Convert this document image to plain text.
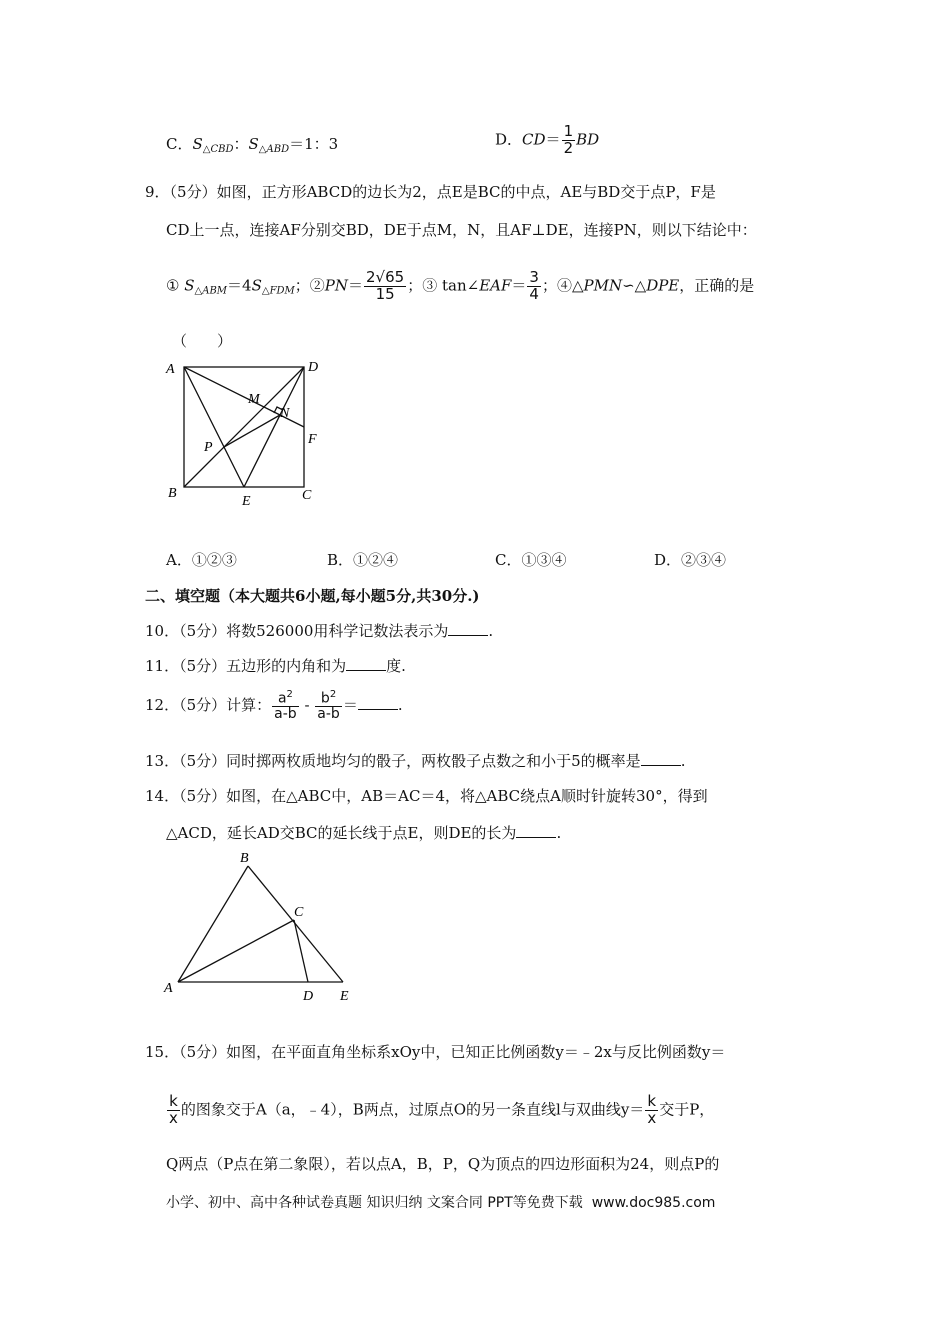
C．$S_{\triangle CBD}$：$S_{\triangle ABD}=1$：3	D．$CD= \frac{1}{2}$ BD
9．（5分）如图，正方形ABCD的边长为2，点E是BC的中点，AE与BD交于点P，F是
CD上一点，连接AF分别交BD，DE于点M，N，且AF⊥DE，连接PN，则以下结论中：
① $S_{\triangle ABM}=4S_{\triangle FDM}$；②PN＝ $\frac{2√65}{15}$ ；③ tan∠EAF＝ $\frac{3}{4}$ ；④△PMN∽△DPE，正确的是
（　　）
A	D
B	C
E
F
M
N
P
A．①②③	B．①②④	C．①③④	D．②③④
二、填空题（本大题共6小题,每小题5分,共30分.)
10．（5分）将数526000用科学记数法表示为	.
11．（5分）五边形的内角和为	度.
12．（5分）计算： $\frac{a^2}{a-b} - \frac{b^2}{a-b}$ ＝	.
13．（5分）同时掷两枚质地均匀的骰子，两枚骰子点数之和小于5的概率是	.
14．（5分）如图，在△ABC中，AB＝AC＝4，将△ABC绕点A顺时针旋转30°，得到
△ACD，延长AD交BC的延长线于点E，则DE的长为	.
B
C
A
D E
15．（5分）如图，在平面直角坐标系xOy中，已知正比例函数y＝﹣2x与反比例函数y＝
$\frac{k}{x}$ 的图象交于A（a，﹣4），B两点，过原点O的另一条直线l与双曲线$y= \frac{k}{x}$ 交于P，
Q两点（P点在第二象限），若以点A，B，P，Q为顶点的四边形面积为24，则点P的
小学、初中、高中各种试卷真题 知识归纳 文案合同 PPT等免费下载 www.doc985.com
